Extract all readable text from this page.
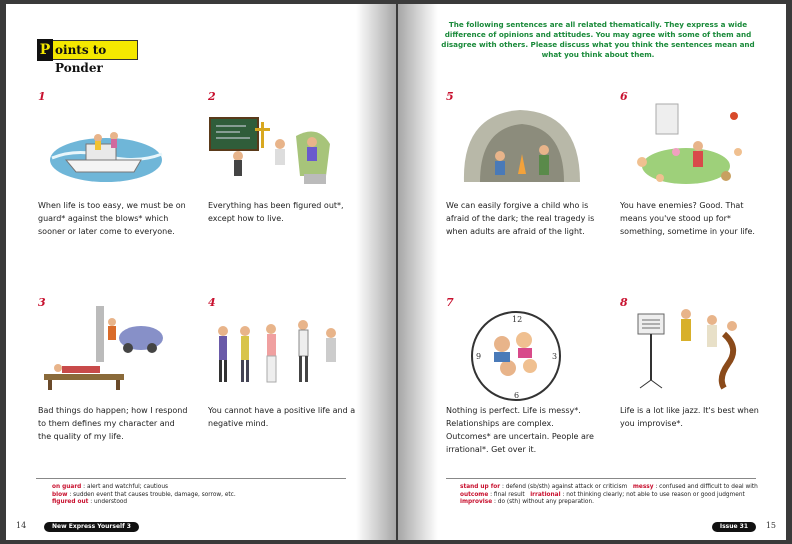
P oints to Ponder
1
When life is too easy, we must be on guard* against the blows* which sooner or later come to everyone.
2
Everything has been figured out*, except how to live.
3
Bad things do happen; how I respond to them defines my character and the quality of my life.
4
You cannot have a positive life and a negative mind.
on guard : alert and watchful; cautious
blow : sudden event that causes trouble, damage, sorrow, etc.
figured out : understood
14	New Express Yourself 3
The following sentences are all related thematically. They express a wide difference of opinions and attitudes. You may agree with some of them and disagree with others. Please discuss what you think the sentences mean and what you think about them.
5
We can easily forgive a child who is afraid of the dark; the real tragedy is when adults are afraid of the light.
6
You have enemies? Good. That means you've stood up for* something, sometime in your life.
7
12
3
6
9
Nothing is perfect. Life is messy*. Relationships are complex. Outcomes* are uncertain. People are irrational*. Get over it.
8
Life is a lot like jazz. It's best when you improvise*.
stand up for : defend (sb/sth) against attack or criticism messy : confused and difficult to deal with
outcome : final result irrational : not thinking clearly; not able to use reason or good judgment
improvise : do (sth) without any preparation.
Issue 31	15
